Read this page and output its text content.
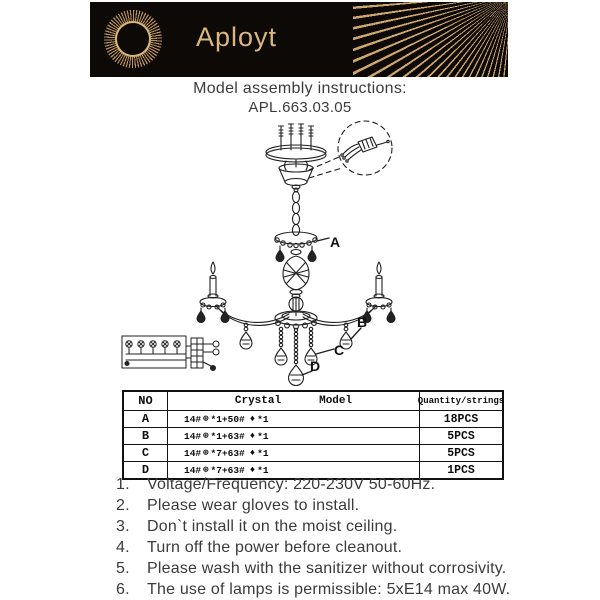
Aployt
Model assembly instructions:
APL.663.03.05
A
B
C
D
NO	Crystal	Model	Quantity/strings
A	14# ⊕ *1+50# ♦ *1	18PCS
B	14# ⊕ *1+63# ♦ *1	5PCS
C	14# ⊕ *7+63# ♦ *1	5PCS
D	14# ⊕ *7+63# ♦ *1	1PCS
1.	Voltage/Frequency: 220-230V 50-60Hz.
2.	Please wear gloves to install.
3.	Don`t install it on the moist ceiling.
4.	Turn off the power before cleanout.
5.	Please wash with the sanitizer without corrosivity.
6.	The use of lamps is permissible: 5xE14 max 40W.
